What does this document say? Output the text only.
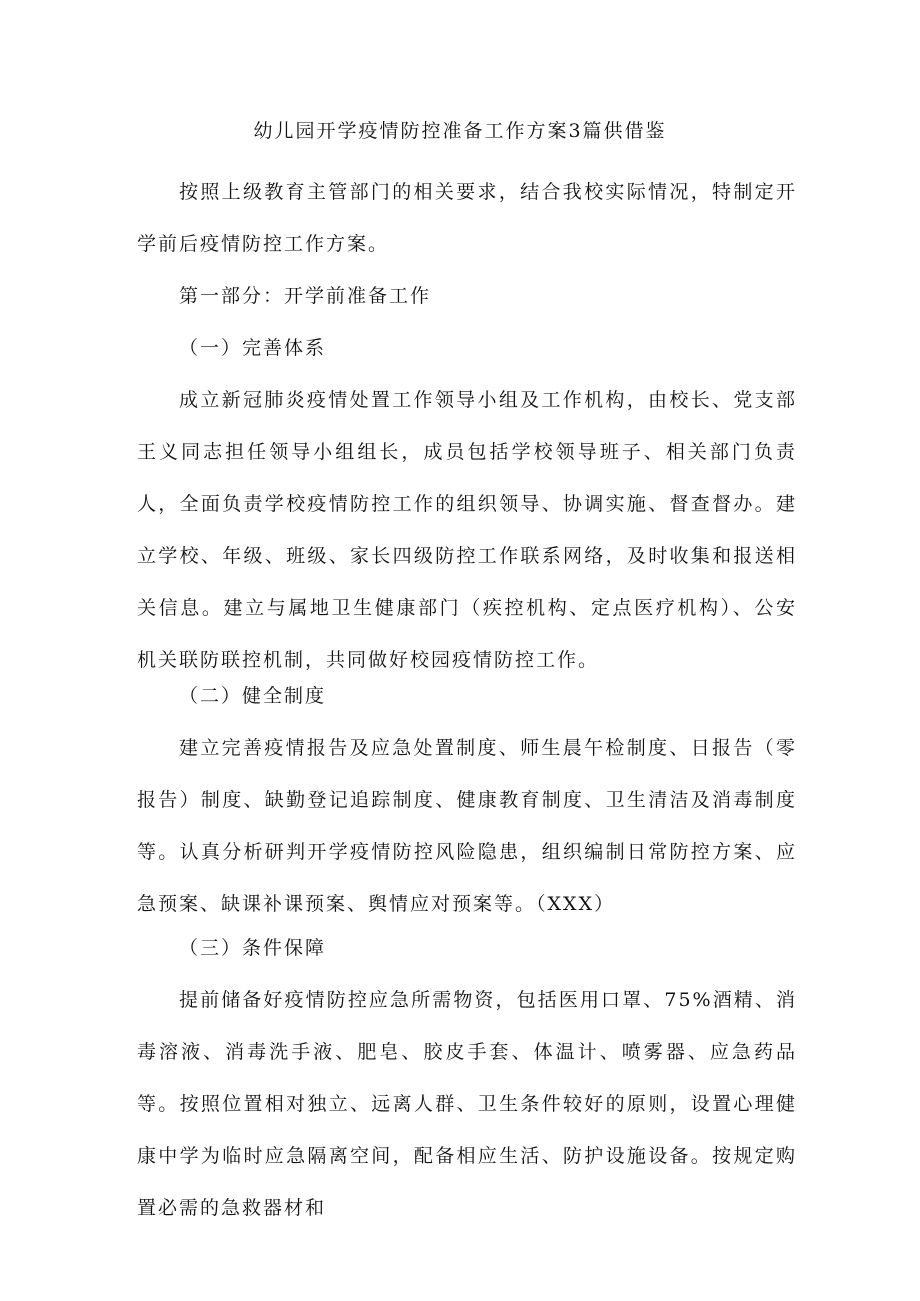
幼儿园开学疫情防控准备工作方案3篇供借鉴

按照上级教育主管部门的相关要求，结合我校实际情况，特制定开学前后疫情防控工作方案。

第一部分：开学前准备工作

（一）完善体系

成立新冠肺炎疫情处置工作领导小组及工作机构，由校长、党支部王义同志担任领导小组组长，成员包括学校领导班子、相关部门负责人，全面负责学校疫情防控工作的组织领导、协调实施、督查督办。建立学校、年级、班级、家长四级防控工作联系网络，及时收集和报送相关信息。建立与属地卫生健康部门（疾控机构、定点医疗机构）、公安机关联防联控机制，共同做好校园疫情防控工作。

（二）健全制度

建立完善疫情报告及应急处置制度、师生晨午检制度、日报告（零报告）制度、缺勤登记追踪制度、健康教育制度、卫生清洁及消毒制度等。认真分析研判开学疫情防控风险隐患，组织编制日常防控方案、应急预案、缺课补课预案、舆情应对预案等。（XXX）

（三）条件保障

提前储备好疫情防控应急所需物资，包括医用口罩、75%酒精、消毒溶液、消毒洗手液、肥皂、胶皮手套、体温计、喷雾器、应急药品等。按照位置相对独立、远离人群、卫生条件较好的原则，设置心理健康中学为临时应急隔离空间，配备相应生活、防护设施设备。按规定购置必需的急救器材和
